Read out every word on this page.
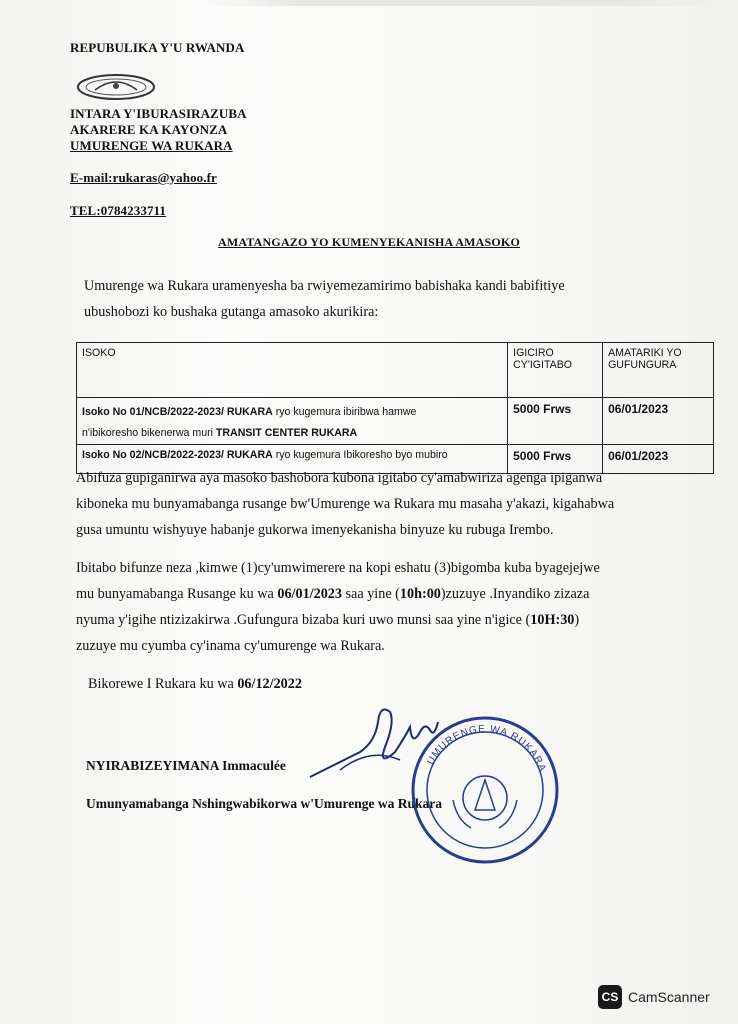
REPUBULIKA Y'U RWANDA
INTARA Y'IBURASIRAZUBA
AKARERE KA KAYONZA
UMURENGE WA RUKARA
E-mail:rukaras@yahoo.fr
TEL:0784233711
AMATANGAZO YO KUMENYEKANISHA AMASOKO
Umurenge wa Rukara uramenyesha ba rwiyemezamirimo babishaka kandi babifitiye
ubushobozi ko bushaka gutanga amasoko akurikira:
ISOKO	IGICIRO CY'IGITABO	AMATARIKI YO GUFUNGURA
Isoko No 01/NCB/2022-2023/ RUKARA ryo kugemura ibiribwa hamwe
n'ibikoresho bikenerwa muri TRANSIT CENTER RUKARA	5000 Frws	06/01/2023
Isoko No 02/NCB/2022-2023/ RUKARA ryo kugemura Ibikoresho byo mubiro	5000 Frws	06/01/2023
Abifuza gupiganirwa aya masoko bashobora kubona igitabo cy'amabwiriza agenga ipiganwa
kiboneka mu bunyamabanga rusange bw'Umurenge wa Rukara mu masaha y'akazi, kigahabwa
gusa umuntu wishyuye habanje gukorwa imenyekanisha binyuze ku rubuga Irembo.
Ibitabo bifunze neza ,kimwe (1)cy'umwimerere na kopi eshatu (3)bigomba kuba byagejejwe
mu bunyamabanga Rusange ku wa 06/01/2023 saa yine (10h:00)zuzuye .Inyandiko zizaza
nyuma y'igihe ntizizakirwa .Gufungura bizaba kuri uwo munsi saa yine n'igice (10H:30)
zuzuye mu cyumba cy'inama cy'umurenge wa Rukara.
Bikorewe I Rukara ku wa 06/12/2022
NYIRABIZEYIMANA Immaculée
Umunyamabanga Nshingwabikorwa w'Umurenge wa Rukara
UMURENGE WA RUKARA
CS CamScanner
